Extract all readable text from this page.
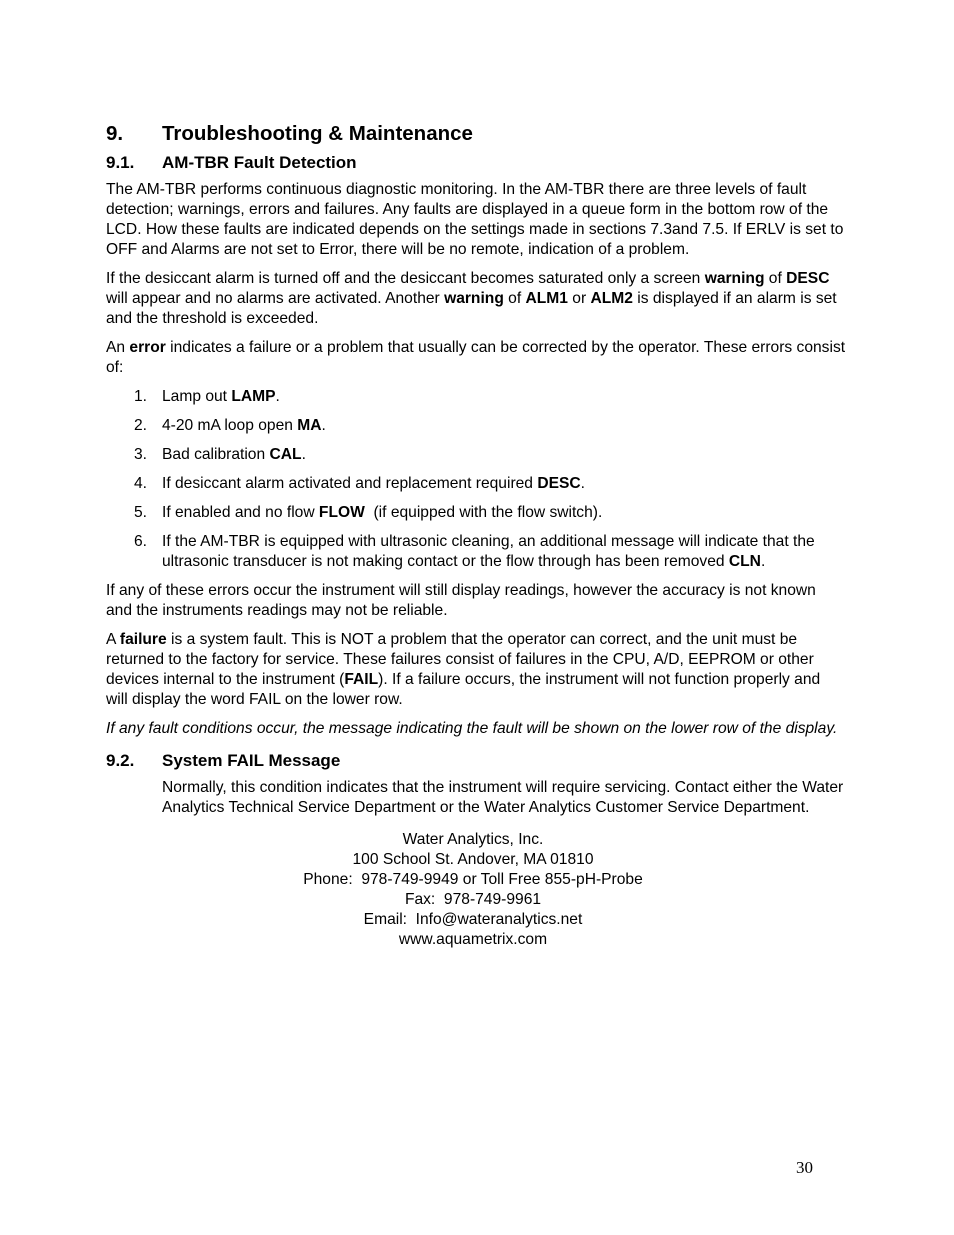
9.	Troubleshooting & Maintenance
9.1.	AM-TBR Fault Detection

The AM-TBR performs continuous diagnostic monitoring. In the AM-TBR there are three levels of fault detection; warnings, errors and failures. Any faults are displayed in a queue form in the bottom row of the LCD. How these faults are indicated depends on the settings made in sections 7.3and 7.5. If ERLV is set to OFF and Alarms are not set to Error, there will be no remote, indication of a problem.

If the desiccant alarm is turned off and the desiccant becomes saturated only a screen warning of DESC will appear and no alarms are activated. Another warning of ALM1 or ALM2 is displayed if an alarm is set and the threshold is exceeded.

An error indicates a failure or a problem that usually can be corrected by the operator. These errors consist of:

1. Lamp out LAMP.
2. 4-20 mA loop open MA.
3. Bad calibration CAL.
4. If desiccant alarm activated and replacement required DESC.
5. If enabled and no flow FLOW  (if equipped with the flow switch).
6. If the AM-TBR is equipped with ultrasonic cleaning, an additional message will indicate that the ultrasonic transducer is not making contact or the flow through has been removed CLN.

If any of these errors occur the instrument will still display readings, however the accuracy is not known and the instruments readings may not be reliable.

A failure is a system fault. This is NOT a problem that the operator can correct, and the unit must be returned to the factory for service. These failures consist of failures in the CPU, A/D, EEPROM or other devices internal to the instrument (FAIL). If a failure occurs, the instrument will not function properly and will display the word FAIL on the lower row.

If any fault conditions occur, the message indicating the fault will be shown on the lower row of the display.

9.2.	System FAIL Message

Normally, this condition indicates that the instrument will require servicing. Contact either the Water Analytics Technical Service Department or the Water Analytics Customer Service Department.

Water Analytics, Inc.
100 School St. Andover, MA 01810
Phone:  978-749-9949 or Toll Free 855-pH-Probe
Fax:  978-749-9961
Email:  Info@wateranalytics.net
www.aquametrix.com
30
